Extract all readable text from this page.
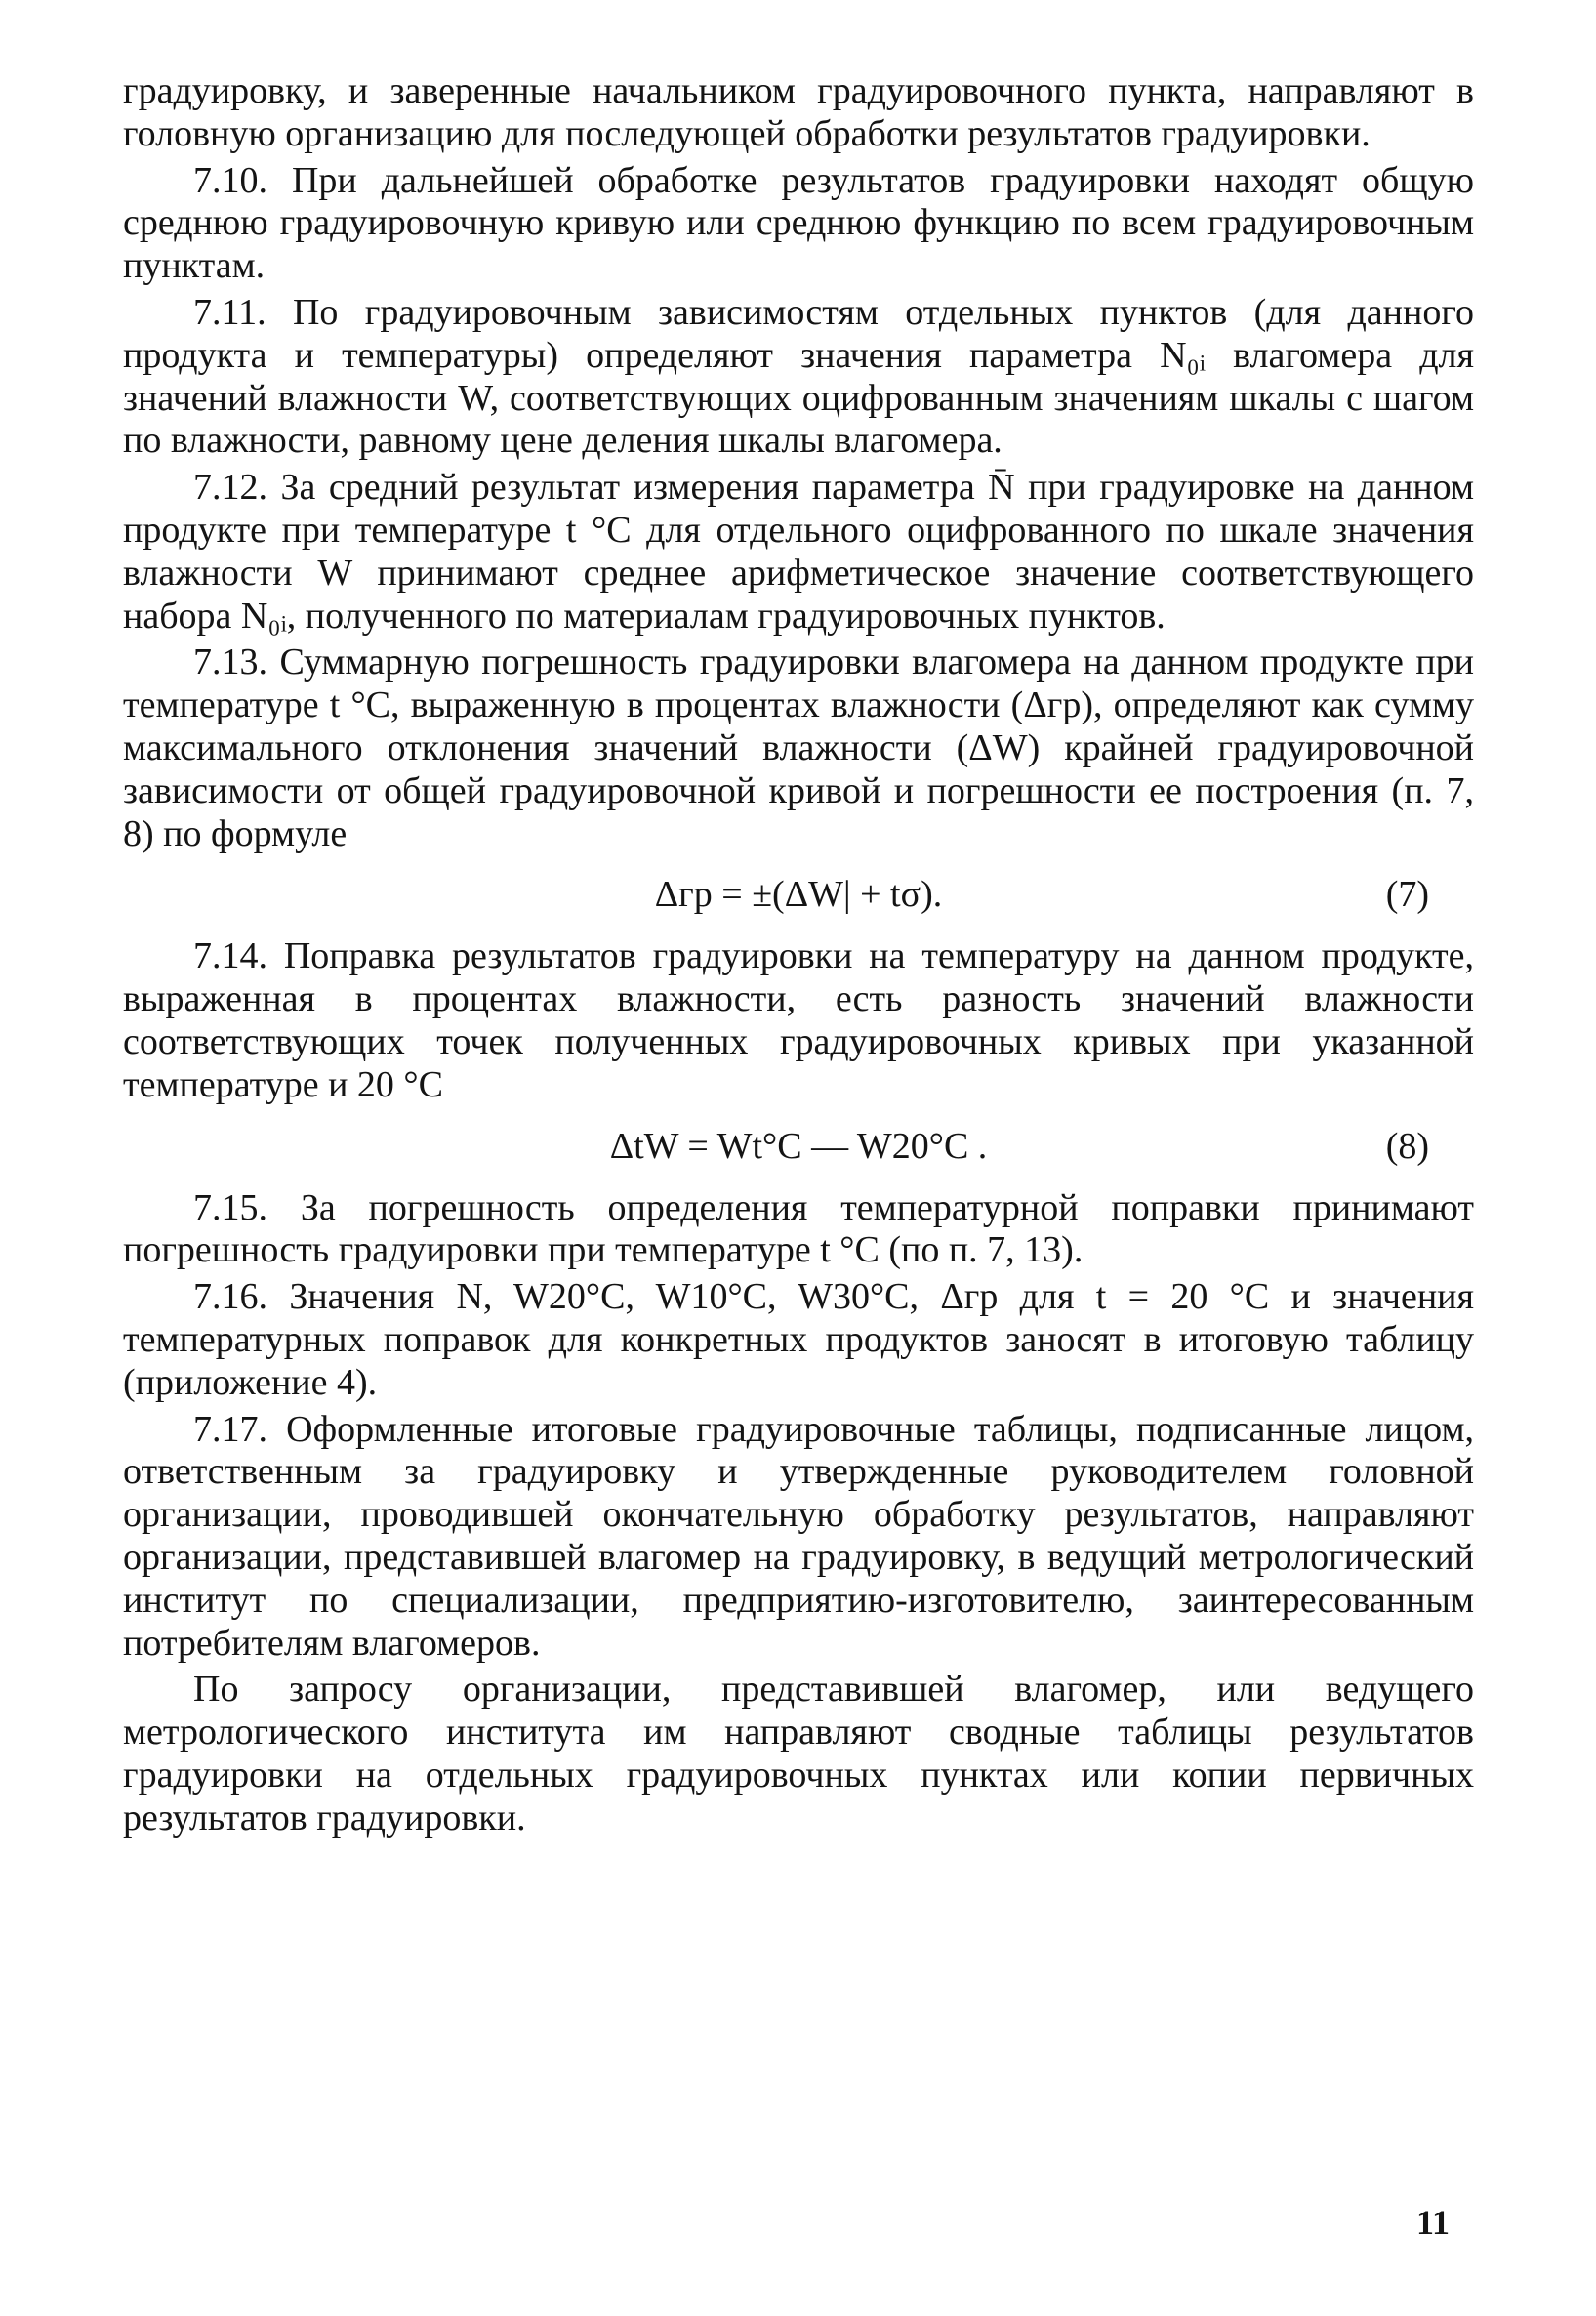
градуировку, и заверенные начальником градуировочного пункта, направляют в головную организацию для последующей обработки результатов градуировки.

7.10. При дальнейшей обработке результатов градуировки находят общую среднюю градуировочную кривую или среднюю функцию по всем градуировочным пунктам.

7.11. По градуировочным зависимостям отдельных пунктов (для данного продукта и температуры) определяют значения параметра N₀ᵢ влагомера для значений влажности W, соответствующих оцифрованным значениям шкалы с шагом по влажности, равному цене деления шкалы влагомера.

7.12. За средний результат измерения параметра N̄ при градуировке на данном продукте при температуре t °С для отдельного оцифрованного по шкале значения влажности W принимают среднее арифметическое значение соответствующего набора N₀ᵢ, полученного по материалам градуировочных пунктов.

7.13. Суммарную погрешность градуировки влагомера на данном продукте при температуре t °С, выраженную в процентах влажности (Δгр), определяют как сумму максимального отклонения значений влажности (ΔW) крайней градуировочной зависимости от общей градуировочной кривой и погрешности ее построения (п. 7, 8) по формуле

Δгр = ±(ΔW| + tσ).	(7)

7.14. Поправка результатов градуировки на температуру на данном продукте, выраженная в процентах влажности, есть разность значений влажности соответствующих точек полученных градуировочных кривых при указанной температуре и 20 °С

ΔtW = Wt°C — W20°C .	(8)

7.15. За погрешность определения температурной поправки принимают погрешность градуировки при температуре t °С (по п. 7, 13).

7.16. Значения N, W20°C, W10°C, W30°C, Δгр для t = 20 °С и значения температурных поправок для конкретных продуктов заносят в итоговую таблицу (приложение 4).

7.17. Оформленные итоговые градуировочные таблицы, подписанные лицом, ответственным за градуировку и утвержденные руководителем головной организации, проводившей окончательную обработку результатов, направляют организации, представившей влагомер на градуировку, в ведущий метрологический институт по специализации, предприятию-изготовителю, заинтересованным потребителям влагомеров.

По запросу организации, представившей влагомер, или ведущего метрологического института им направляют сводные таблицы результатов градуировки на отдельных градуировочных пунктах или копии первичных результатов градуировки.

11
